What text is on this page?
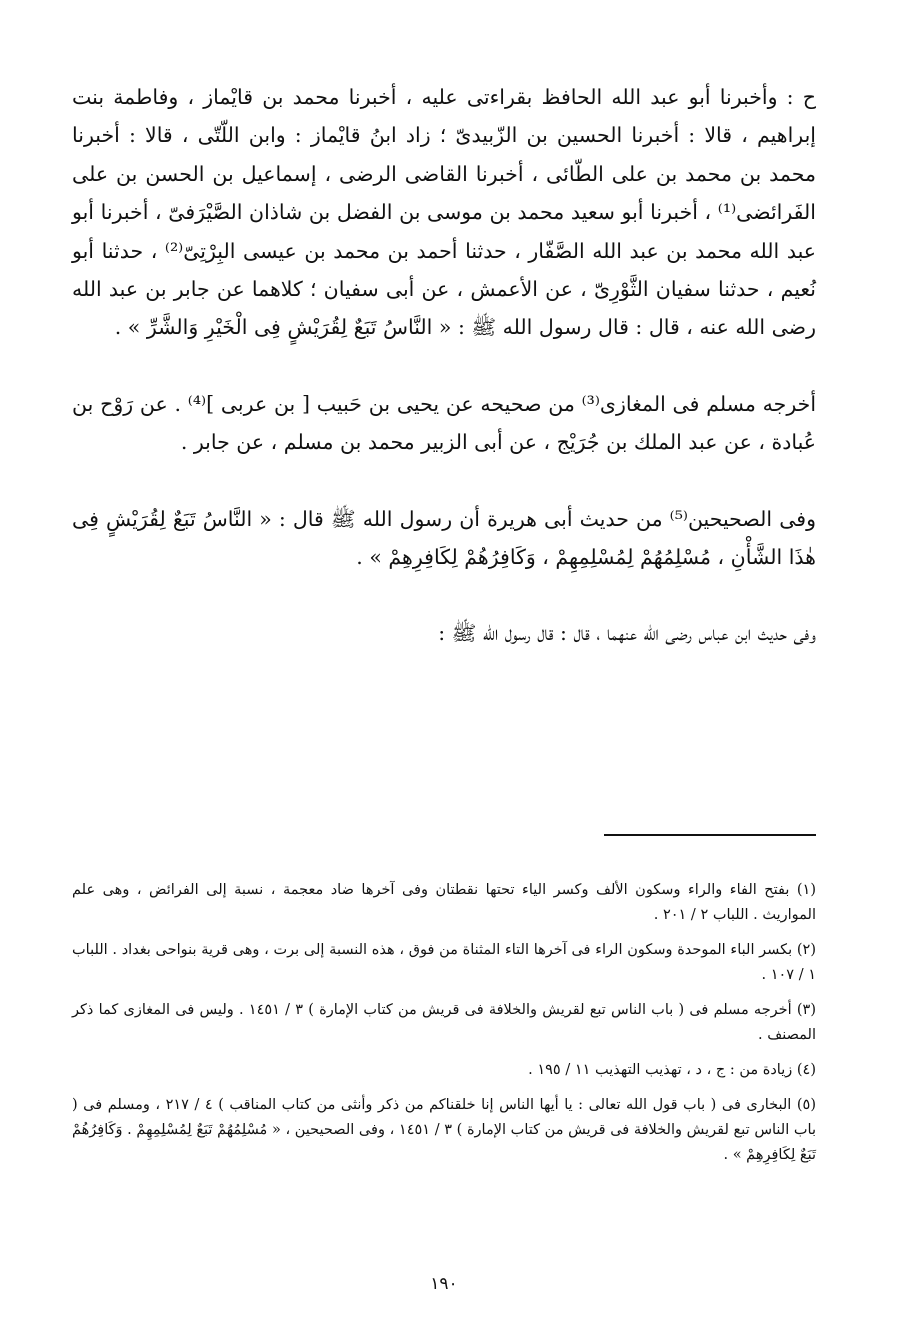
ح : وأخبرنا أبو عبد الله الحافظ بقراءتى عليه ، أخبرنا محمد بن قايْماز ، وفاطمة بنت إبراهيم ، قالا : أخبرنا الحسين بن الزّبيدىّ ؛ زاد ابنُ قايْماز : وابن اللّتّى ، قالا : أخبرنا محمد بن محمد بن على الطّائى ، أخبرنا القاضى الرضى ، إسماعيل بن الحسن بن على الفَرائضى⁽¹⁾ ، أخبرنا أبو سعيد محمد بن موسى بن الفضل بن شاذان الصَّيْرَفىّ ، أخبرنا أبو عبد الله محمد بن عبد الله الصَّفّار ، حدثنا أحمد بن محمد بن عيسى البِرْتِىّ⁽²⁾ ، حدثنا أبو نُعيم ، حدثنا سفيان الثَّوْرِىّ ، عن الأعمش ، عن أبى سفيان ؛ كلاهما عن جابر بن عبد الله رضى الله عنه ، قال : قال رسول الله ﷺ : « النَّاسُ تَبَعٌ لِقُرَيْشٍ فِى الْخَيْرِ وَالشَّرِّ » .

أخرجه مسلم فى المغازى⁽³⁾ من صحيحه عن يحيى بن حَبيب [ بن عربى ]⁽⁴⁾ . عن رَوْح بن عُبادة ، عن عبد الملك بن جُرَيْج ، عن أبى الزبير محمد بن مسلم ، عن جابر .

وفى الصحيحين⁽⁵⁾ من حديث أبى هريرة أن رسول الله ﷺ قال : « النَّاسُ تَبَعٌ لِقُرَيْشٍ فِى هٰذَا الشَّأْنِ ، مُسْلِمُهُمْ لِمُسْلِمِهِمْ ، وَكَافِرُهُمْ لِكَافِرِهِمْ » .

وفى حديث ابن عباس رضى الله عنهما ، قال : قال رسول الله ﷺ :

(١) بفتح الفاء والراء وسكون الألف وكسر الياء تحتها نقطتان وفى آخرها ضاد معجمة ، نسبة إلى الفرائض ، وهى علم المواريث . اللباب ٢ / ٢٠١ .

(٢) بكسر الباء الموحدة وسكون الراء فى آخرها التاء المثناة من فوق ، هذه النسبة إلى برت ، وهى قرية بنواحى بغداد . اللباب ١ / ١٠٧ .

(٣) أخرجه مسلم فى ( باب الناس تبع لقريش والخلافة فى قريش من كتاب الإمارة ) ٣ / ١٤٥١ . وليس فى المغازى كما ذكر المصنف .

(٤) زيادة من : ج ، د ، تهذيب التهذيب ١١ / ١٩٥ .

(٥) البخارى فى ( باب قول الله تعالى : يا أيها الناس إنا خلقناكم من ذكر وأنثى من كتاب المناقب ) ٤ / ٢١٧ ، ومسلم فى ( باب الناس تبع لقريش والخلافة فى قريش من كتاب الإمارة ) ٣ / ١٤٥١ ، وفى الصحيحين ، « مُسْلِمُهُمْ تَبَعٌ لِمُسْلِمِهِمْ . وَكَافِرُهُمْ تَبَعٌ لِكَافِرِهِمْ » .

١٩٠
